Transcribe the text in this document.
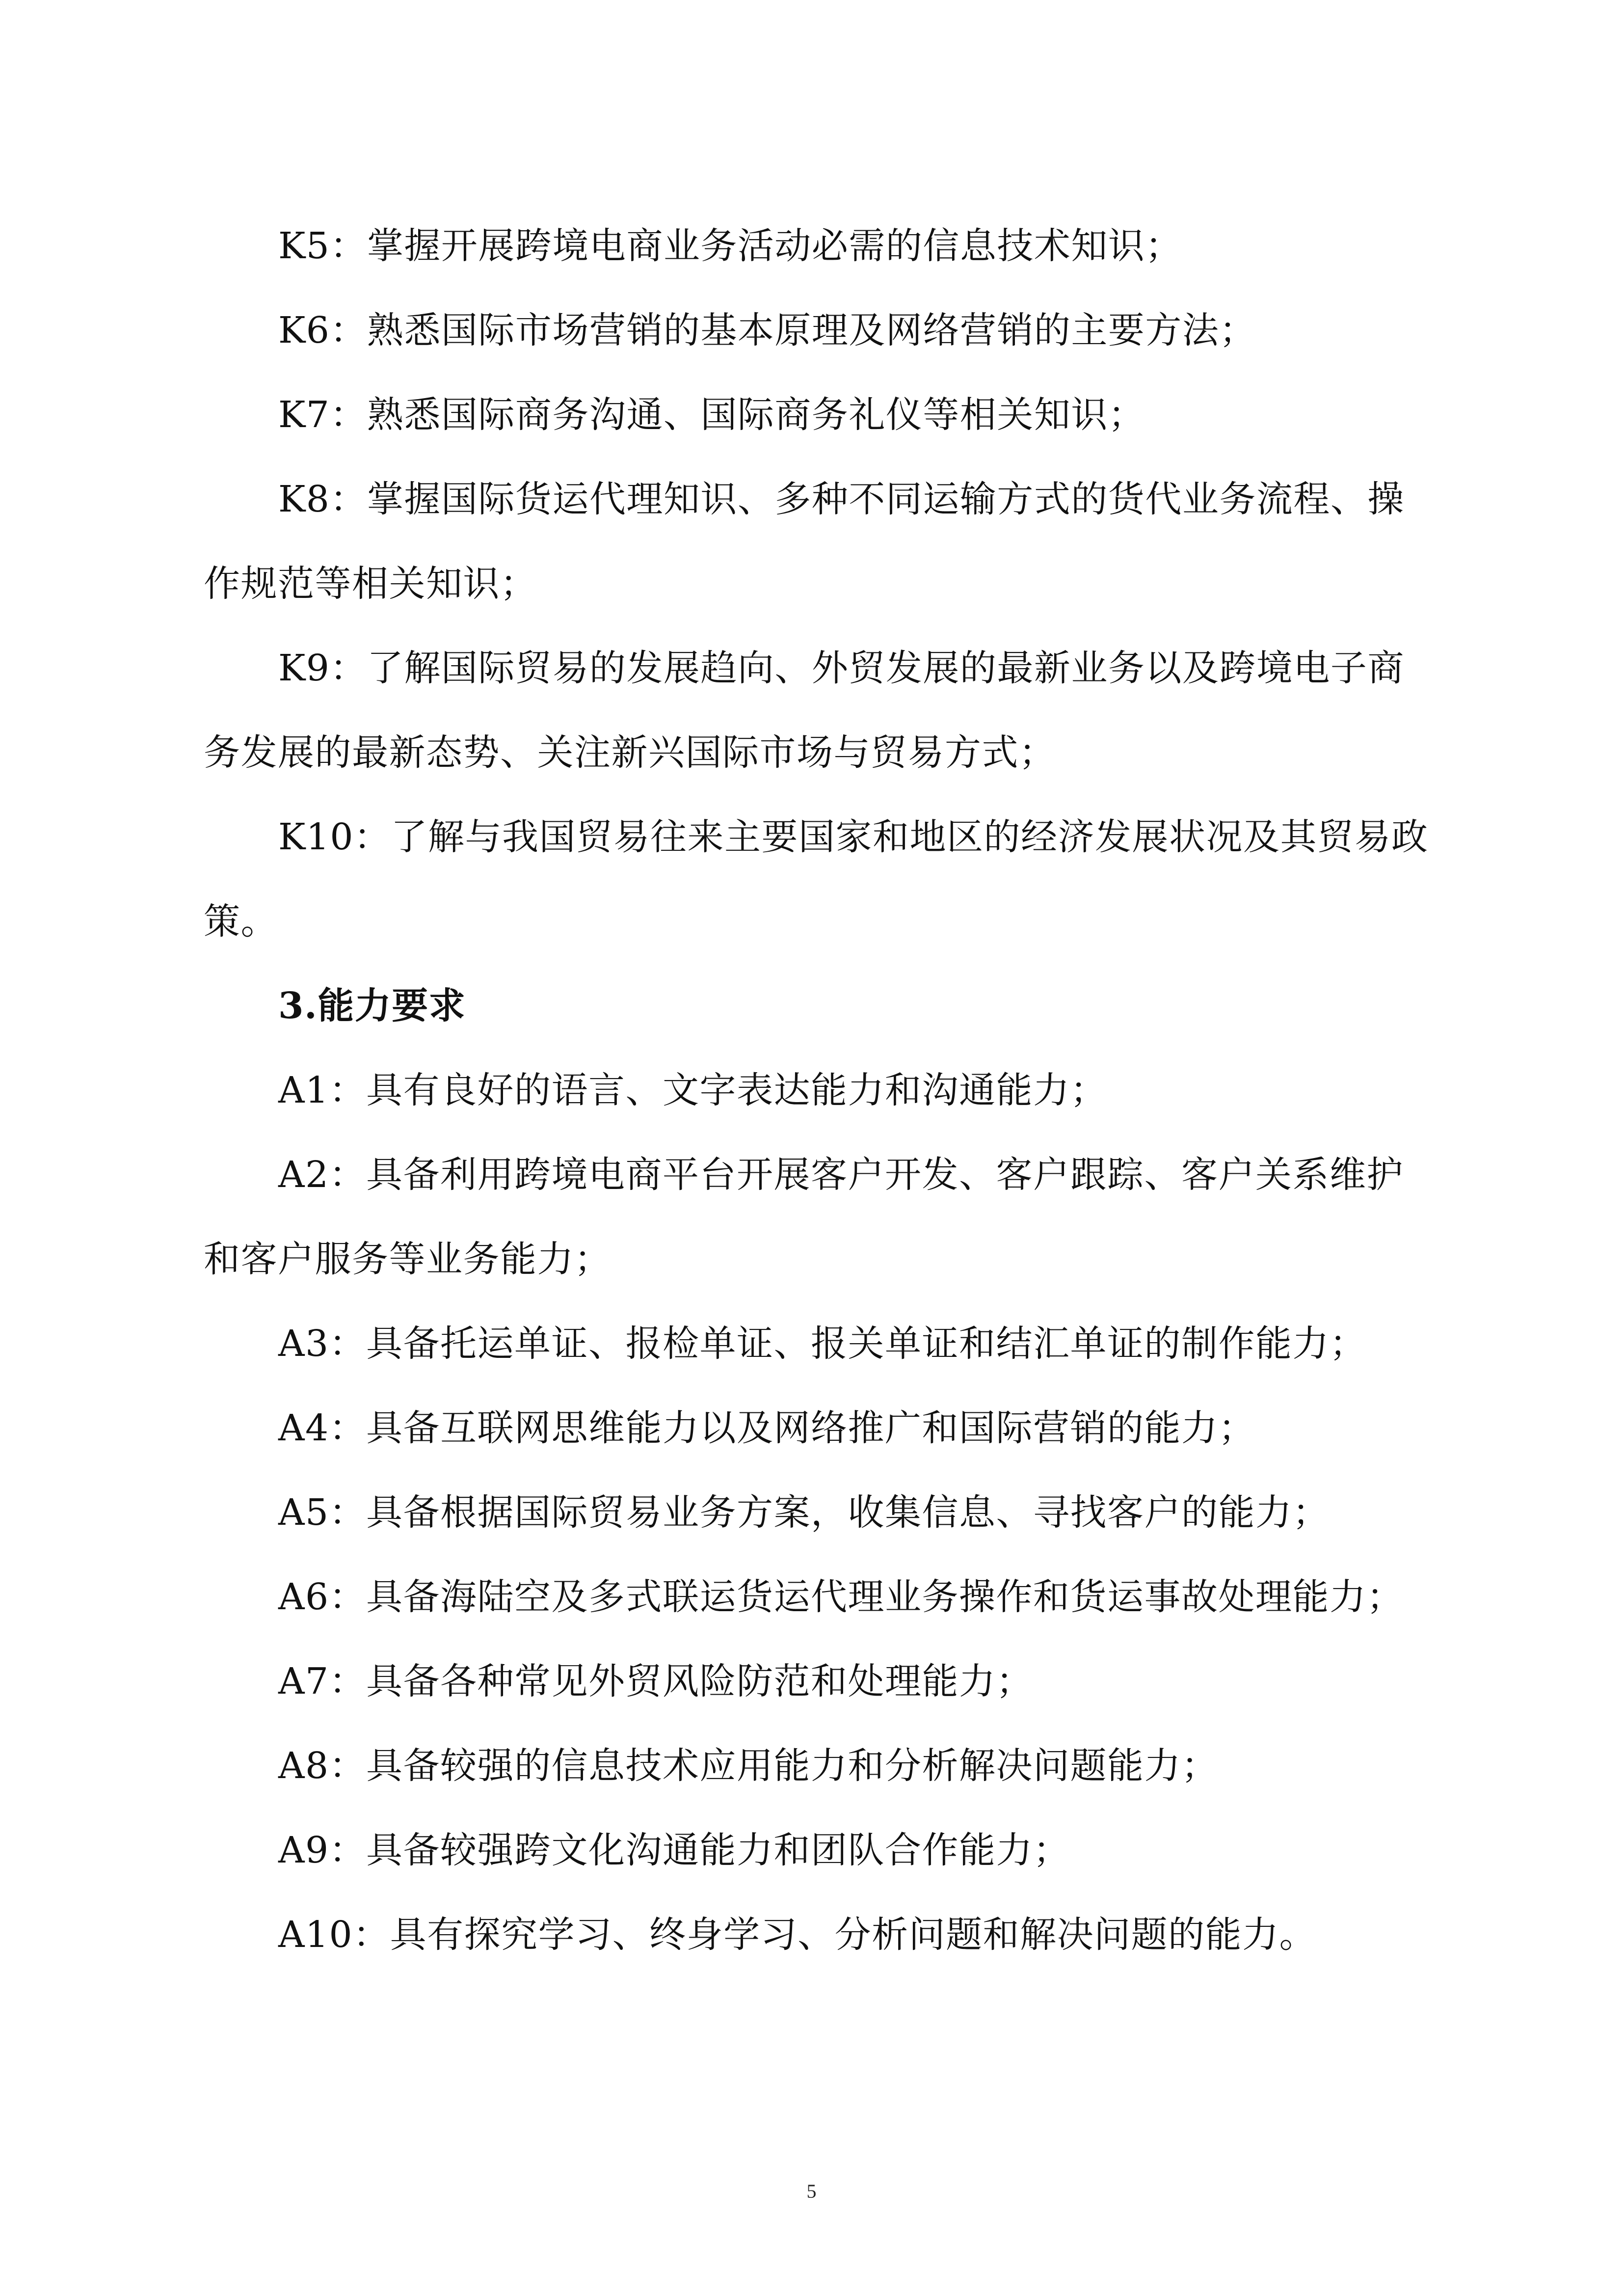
K5：掌握开展跨境电商业务活动必需的信息技术知识；

K6：熟悉国际市场营销的基本原理及网络营销的主要方法；

K7：熟悉国际商务沟通、国际商务礼仪等相关知识；

K8：掌握国际货运代理知识、多种不同运输方式的货代业务流程、操作规范等相关知识；

K9：了解国际贸易的发展趋向、外贸发展的最新业务以及跨境电子商务发展的最新态势、关注新兴国际市场与贸易方式；

K10：了解与我国贸易往来主要国家和地区的经济发展状况及其贸易政策。

3.能力要求

A1：具有良好的语言、文字表达能力和沟通能力；

A2：具备利用跨境电商平台开展客户开发、客户跟踪、客户关系维护和客户服务等业务能力；

A3：具备托运单证、报检单证、报关单证和结汇单证的制作能力；

A4：具备互联网思维能力以及网络推广和国际营销的能力；

A5：具备根据国际贸易业务方案，收集信息、寻找客户的能力；

A6：具备海陆空及多式联运货运代理业务操作和货运事故处理能力；

A7：具备各种常见外贸风险防范和处理能力；

A8：具备较强的信息技术应用能力和分析解决问题能力；

A9：具备较强跨文化沟通能力和团队合作能力；

A10：具有探究学习、终身学习、分析问题和解决问题的能力。

5
